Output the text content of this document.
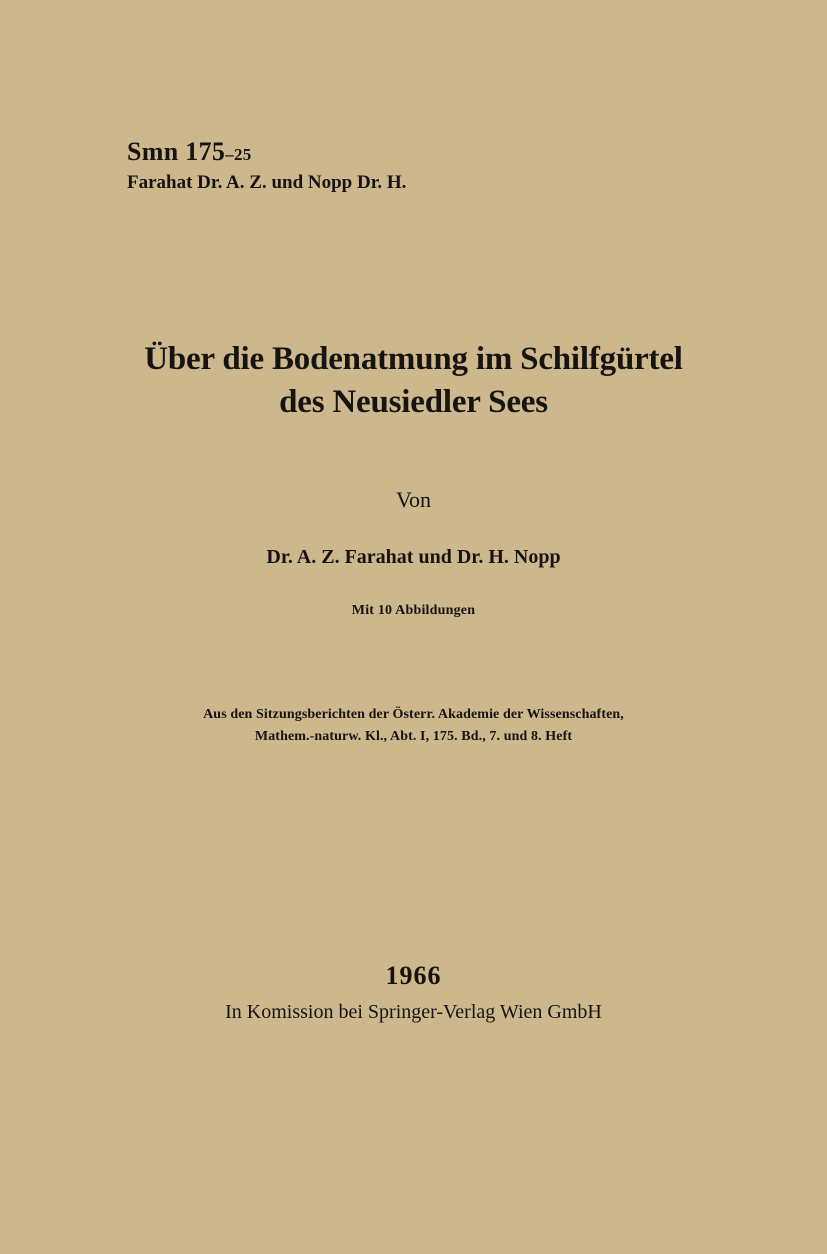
Smn 175–25
Farahat Dr. A. Z. und Nopp Dr. H.
Über die Bodenatmung im Schilfgürtel
des Neusiedler Sees
Von
Dr. A. Z. Farahat und Dr. H. Nopp
Mit 10 Abbildungen
Aus den Sitzungsberichten der Österr. Akademie der Wissenschaften,
Mathem.-naturw. Kl., Abt. I, 175. Bd., 7. und 8. Heft
1966
In Komission bei Springer-Verlag Wien GmbH
